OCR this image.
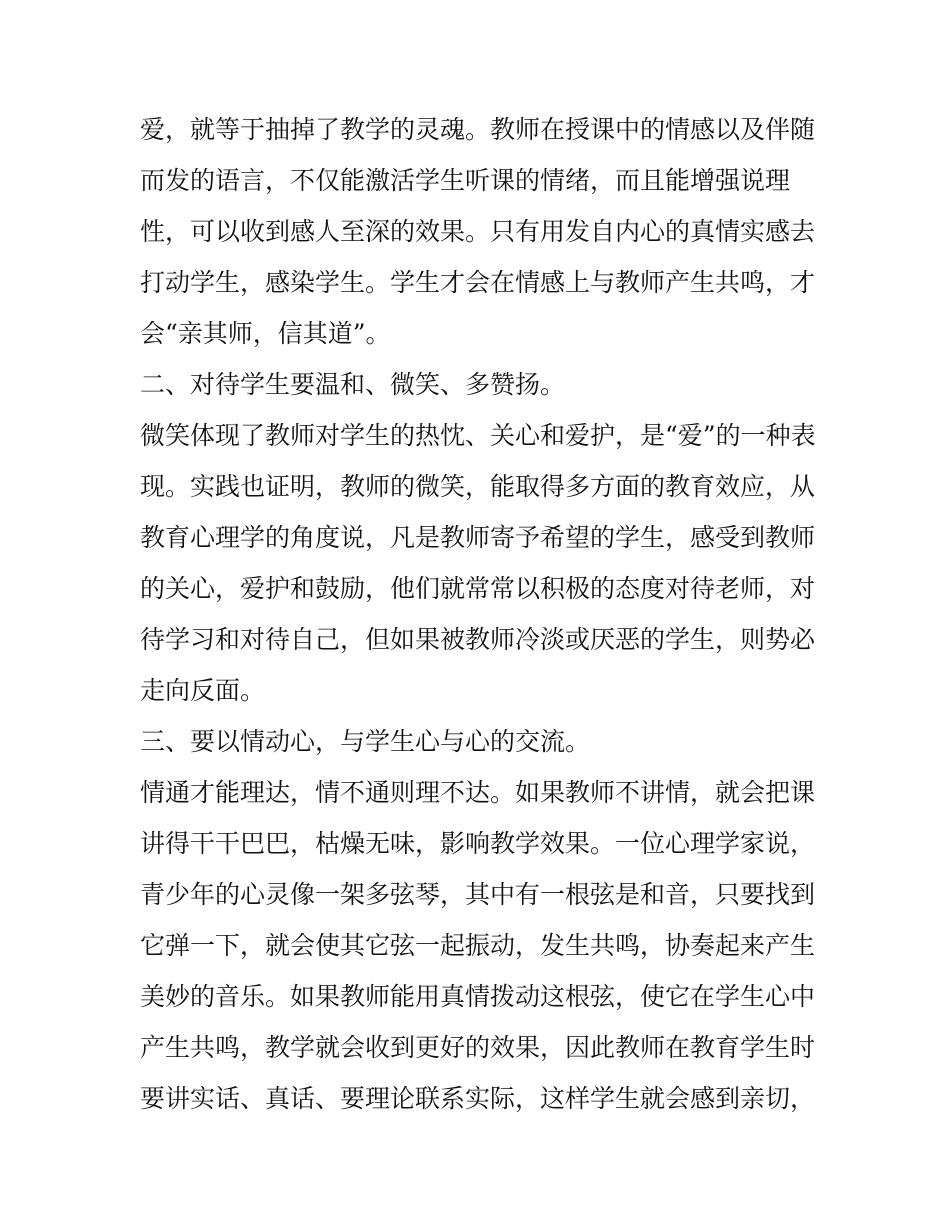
爱，就等于抽掉了教学的灵魂。教师在授课中的情感以及伴随
而发的语言，不仅能激活学生听课的情绪，而且能增强说理
性，可以收到感人至深的效果。只有用发自内心的真情实感去
打动学生，感染学生。学生才会在情感上与教师产生共鸣，才
会“亲其师，信其道”。
二、对待学生要温和、微笑、多赞扬。
微笑体现了教师对学生的热忱、关心和爱护，是“爱”的一种表
现。实践也证明，教师的微笑，能取得多方面的教育效应，从
教育心理学的角度说，凡是教师寄予希望的学生，感受到教师
的关心，爱护和鼓励，他们就常常以积极的态度对待老师，对
待学习和对待自己，但如果被教师冷淡或厌恶的学生，则势必
走向反面。
三、要以情动心，与学生心与心的交流。
情通才能理达，情不通则理不达。如果教师不讲情，就会把课
讲得干干巴巴，枯燥无味，影响教学效果。一位心理学家说，
青少年的心灵像一架多弦琴，其中有一根弦是和音，只要找到
它弹一下，就会使其它弦一起振动，发生共鸣，协奏起来产生
美妙的音乐。如果教师能用真情拨动这根弦，使它在学生心中
产生共鸣，教学就会收到更好的效果，因此教师在教育学生时
要讲实话、真话、要理论联系实际，这样学生就会感到亲切，
